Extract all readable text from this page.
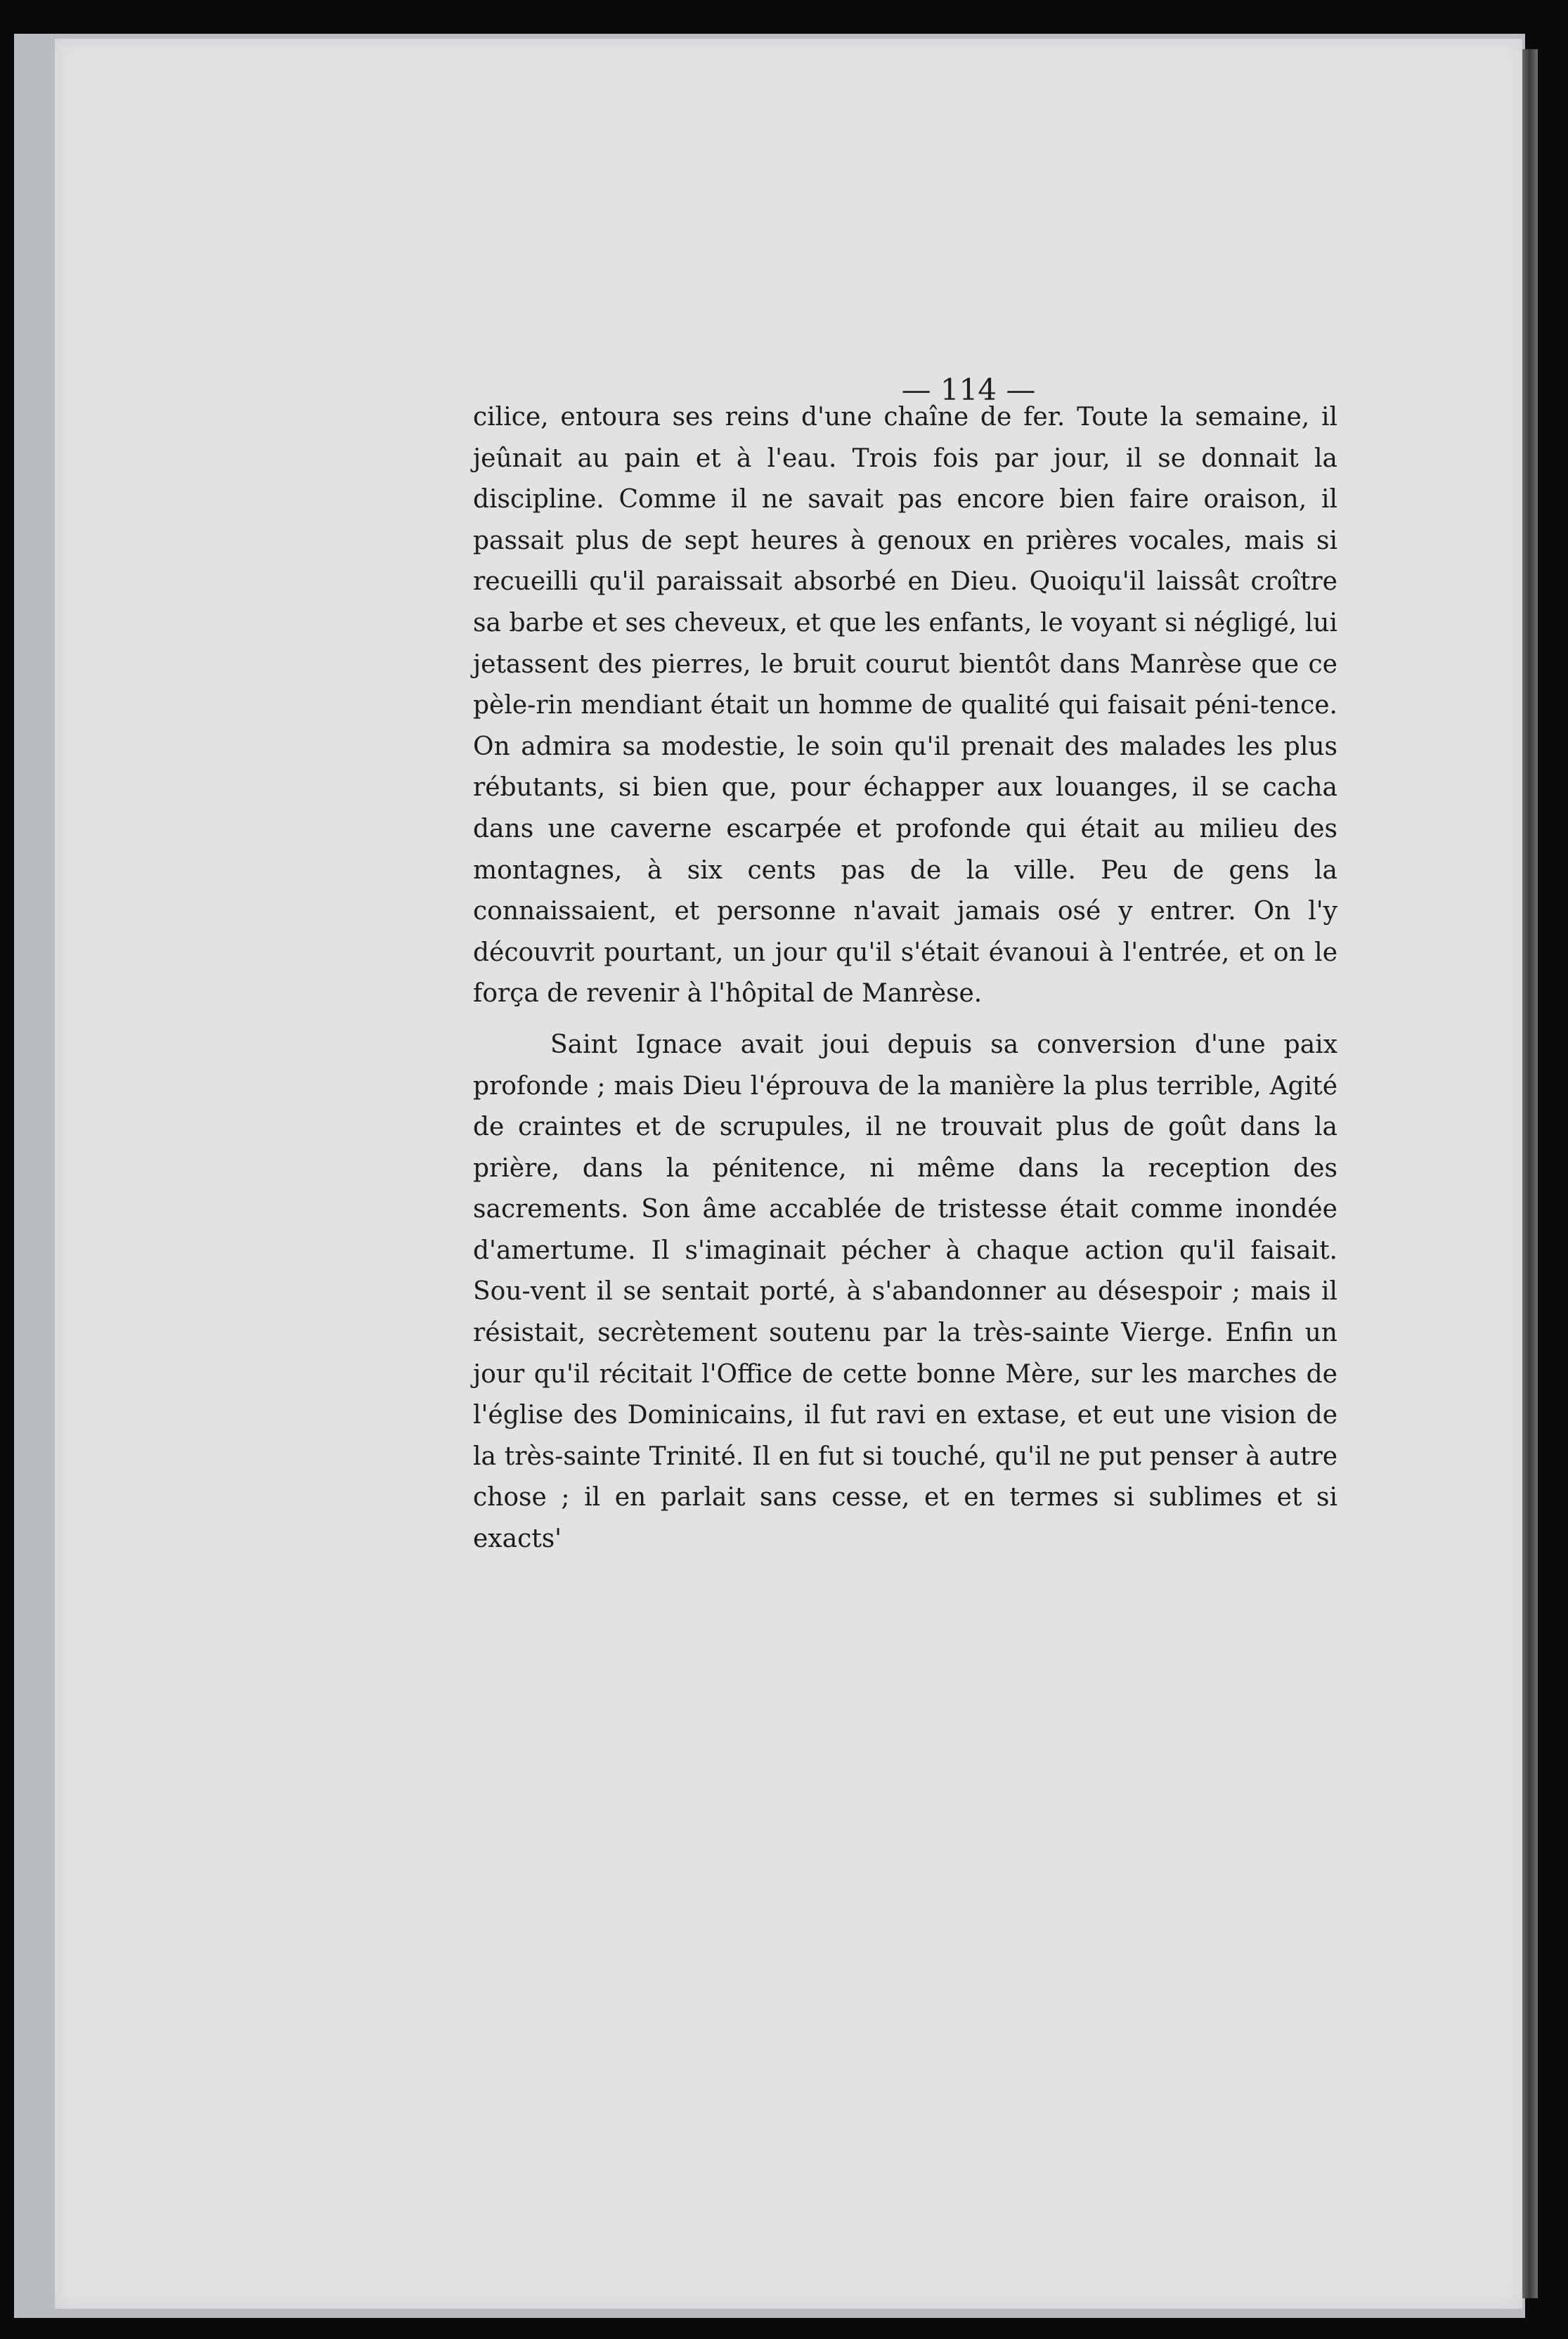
— 114 —

cilice, entoura ses reins d'une chaîne de fer. Toute la semaine, il jeûnait au pain et à l'eau. Trois fois par jour, il se donnait la discipline. Comme il ne savait pas encore bien faire oraison, il passait plus de sept heures à genoux en prières vocales, mais si recueilli qu'il paraissait absorbé en Dieu. Quoiqu'il laissât croître sa barbe et ses cheveux, et que les enfants, le voyant si négligé, lui jetassent des pierres, le bruit courut bientôt dans Manrèse que ce pèle-rin mendiant était un homme de qualité qui faisait péni-tence. On admira sa modestie, le soin qu'il prenait des malades les plus rébutants, si bien que, pour échapper aux louanges, il se cacha dans une caverne escarpée et profonde qui était au milieu des montagnes, à six cents pas de la ville. Peu de gens la connaissaient, et personne n'avait jamais osé y entrer. On l'y découvrit pourtant, un jour qu'il s'était évanoui à l'entrée, et on le força de revenir à l'hôpital de Manrèse.

Saint Ignace avait joui depuis sa conversion d'une paix profonde ; mais Dieu l'éprouva de la manière la plus terrible, Agité de craintes et de scrupules, il ne trouvait plus de goût dans la prière, dans la pénitence, ni même dans la reception des sacrements. Son âme accablée de tristesse était comme inondée d'amertume. Il s'imaginait pécher à chaque action qu'il faisait. Sou-vent il se sentait porté, à s'abandonner au désespoir ; mais il résistait, secrètement soutenu par la très-sainte Vierge. Enfin un jour qu'il récitait l'Office de cette bonne Mère, sur les marches de l'église des Dominicains, il fut ravi en extase, et eut une vision de la très-sainte Trinité. Il en fut si touché, qu'il ne put penser à autre chose ; il en parlait sans cesse, et en termes si sublimes et si exacts'
